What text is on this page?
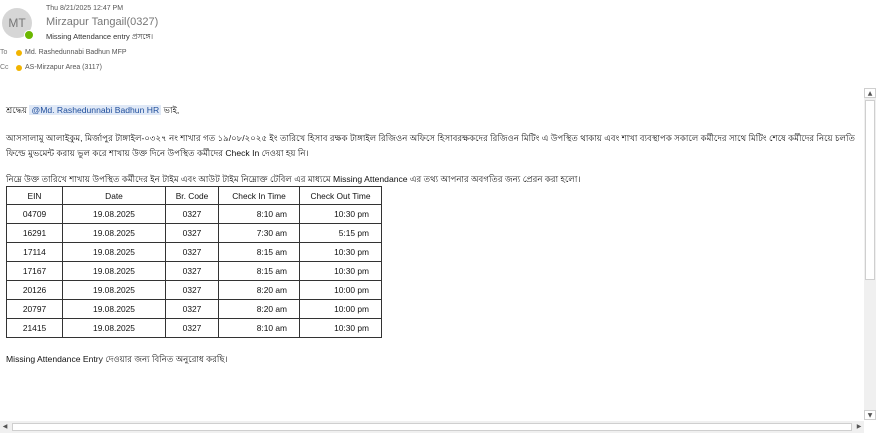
MT
Thu 8/21/2025 12:47 PM
Mirzapur Tangail(0327)
Missing Attendance entry প্রসঙ্গে।
To	Md. Rashedunnabi Badhun MFP
Cc	AS-Mirzapur Area (3117)
শ্রদ্ধেয় @Md. Rashedunnabi Badhun HR ভাই,
আসসালামু আলাইকুম, মির্জাপুর টাঙ্গাইল-০৩২৭ নং শাখার গত ১৯/০৮/২০২৫ ইং তারিখে হিসাব রক্ষক টাঙ্গাইল রিজিওন অফিসে হিসাবরক্ষকদের রিজিওন মিটিং এ উপস্থিত থাকায় এবং শাখা ব্যবস্থাপক সকালে কর্মীদের সাথে মিটিং শেষে কর্মীদের নিয়ে চলতি ফিল্ডে মুভমেন্ট করায় ভুল করে শাখায় উক্ত দিনে উপস্থিত কর্মীদের Check In দেওয়া হয় নি।
নিম্নে উক্ত তারিখে শাখায় উপস্থিত কর্মীদের ইন টাইম এবং আউট টাইম নিম্নোক্ত টেবিল এর মাধ্যমে Missing Attendance এর তথ্য আপনার অবগতির জন্য প্রেরন করা হলো।
EIN	Date	Br. Code	Check In Time	Check Out Time
04709	19.08.2025	0327	8:10 am	10:30 pm
16291	19.08.2025	0327	7:30 am	5:15 pm
17114	19.08.2025	0327	8:15 am	10:30 pm
17167	19.08.2025	0327	8:15 am	10:30 pm
20126	19.08.2025	0327	8:20 am	10:00 pm
20797	19.08.2025	0327	8:20 am	10:00 pm
21415	19.08.2025	0327	8:10 am	10:30 pm
Missing Attendance Entry দেওয়ার জন্য বিনিত অনুরোধ করছি।
▲
▼
◀	▶
